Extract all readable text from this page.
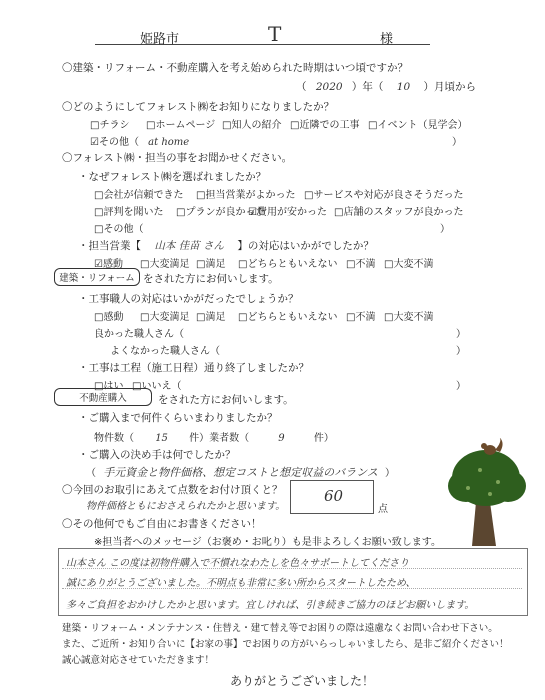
姫路市	T	様
〇建築・リフォーム・不動産購入を考え始められた時期はいつ頃ですか？
（ 2020 ）年（ 10 ）月頃から
〇どのようにしてフォレスト㈱をお知りになりましたか？
□チラシ □ホームページ □知人の紹介 □近隣での工事 □イベント（見学会）
☑その他（ at home	）
〇フォレスト㈱・担当の事をお聞かせください。
・なぜフォレスト㈱を選ばれましたか？
□会社が信頼できた □担当営業がよかった □サービスや対応が良さそうだった
□評判を聞いた □プランが良かった
☑費用が安かった □店舗のスタッフが良かった
□その他（	）
・担当営業【 山本 佳苗 さん 】の対応はいかがでしたか？
☑感動 □大変満足 □満足 □どちらともいえない □不満 □大変不満
建築・リフォーム をされた方にお伺いします。
・工事職人の対応はいかがだったでしょうか？
□感動 □大変満足 □満足 □どちらともいえない □不満 □大変不満
良かった職人さん（	）
よくなかった職人さん（	）
・工事は工程（施工日程）通り終了しましたか？
□はい □いいえ（	）
不動産購入	をされた方にお伺いします。
・ご購入まで何件くらいまわりましたか？
物件数（ 15 件）業者数（	9	件）
・ご購入の決め手は何でしたか？
（ 手元資金と物件価格、想定コストと想定収益のバランス ）
〇今回のお取引にあえて点数をお付け頂くと？
物件価格ともにおさえられたかと思います。
60
点
〇その他何でもご自由にお書きください！
※担当者へのメッセージ（お褒め・お叱り）も是非よろしくお願い致します。
山本さん この度は初物件購入で不慣れなわたしを色々サポートしてくださり
誠にありがとうございました。不明点も非常に多い所からスタートしたため、
多々ご負担をおかけしたかと思います。宜しければ、引き続きご協力のほどお願いします。
建築・リフォーム・メンテナンス・住替え・建て替え等でお困りの際は遠慮なくお問い合わせ下さい。
また、ご近所・お知り合いに【お家の事】でお困りの方がいらっしゃいましたら、是非ご紹介ください！
誠心誠意対応させていただきます！
ありがとうございました！
